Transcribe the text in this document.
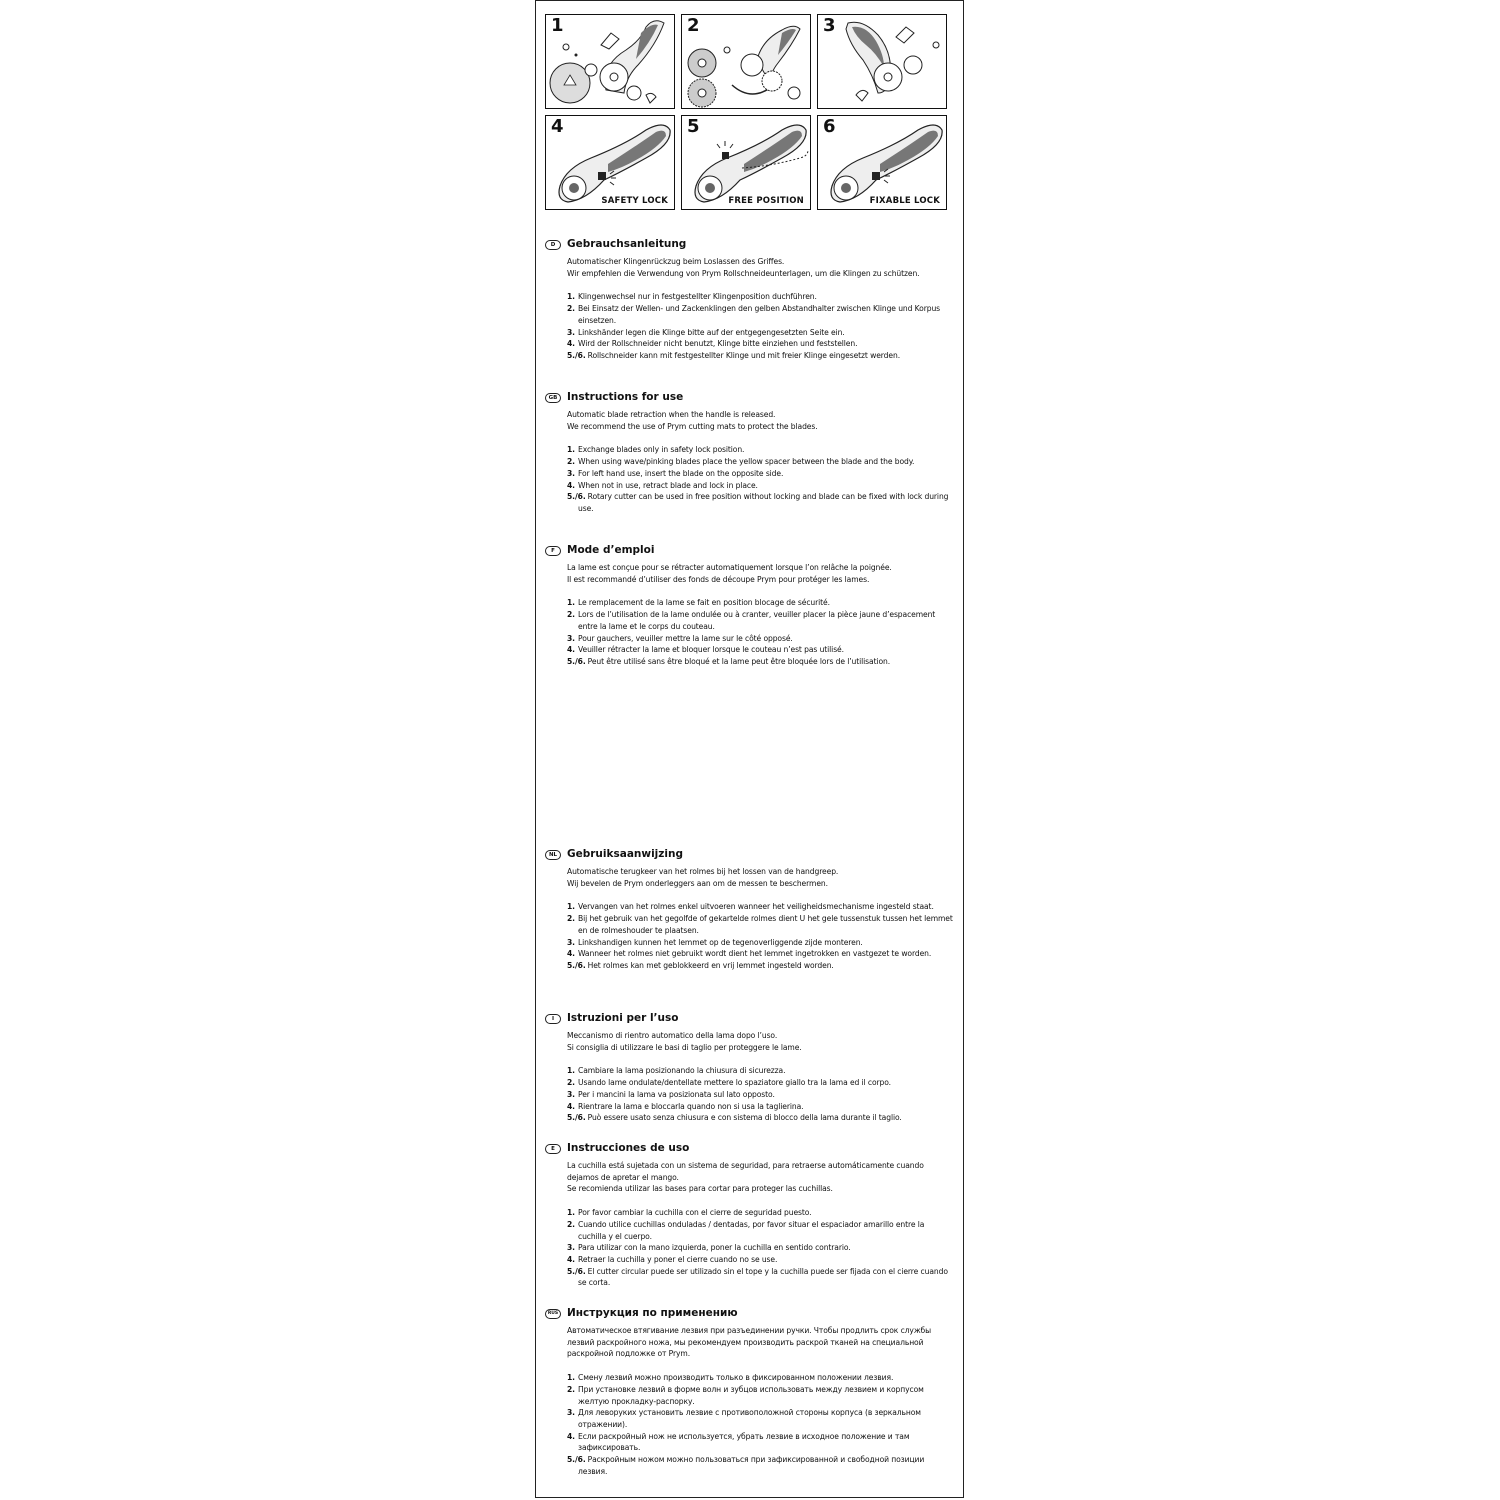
1	2	3
4
SAFETY LOCK
5
FREE POSITION
6
FIXABLE LOCK
D	Gebrauchsanleitung

Automatischer Klingenrückzug beim Loslassen des Griffes.
Wir empfehlen die Verwendung von Prym Rollschneideunterlagen, um die Klingen zu schützen.

1. Klingenwechsel nur in festgestellter Klingenposition duchführen.
2. Bei Einsatz der Wellen- und Zackenklingen den gelben Abstandhalter zwischen Klinge und Korpus einsetzen.
3. Linkshänder legen die Klinge bitte auf der entgegengesetzten Seite ein.
4. Wird der Rollschneider nicht benutzt, Klinge bitte einziehen und feststellen.
5./6. Rollschneider kann mit festgestellter Klinge und mit freier Klinge eingesetzt werden.
GB Instructions for use

Automatic blade retraction when the handle is released.
We recommend the use of Prym cutting mats to protect the blades.

1. Exchange blades only in safety lock position.
2. When using wave/pinking blades place the yellow spacer between the blade and the body.
3. For left hand use, insert the blade on the opposite side.
4. When not in use, retract blade and lock in place.
5./6. Rotary cutter can be used in free position without locking and blade can be fixed with lock during use.
F	Mode d’emploi

La lame est conçue pour se rétracter automatiquement lorsque l’on relâche la poignée.
Il est recommandé d’utiliser des fonds de découpe Prym pour protéger les lames.

1. Le remplacement de la lame se fait en position blocage de sécurité.
2. Lors de l’utilisation de la lame ondulée ou à cranter, veuiller placer la pièce jaune d’espacement entre la lame et le corps du couteau.
3. Pour gauchers, veuiller mettre la lame sur le côté opposé.
4. Veuiller rétracter la lame et bloquer lorsque le couteau n’est pas utilisé.
5./6. Peut être utilisé sans être bloqué et la lame peut être bloquée lors de l’utilisation.
NL Gebruiksaanwijzing

Automatische terugkeer van het rolmes bij het lossen van de handgreep.
Wij bevelen de Prym onderleggers aan om de messen te beschermen.

1. Vervangen van het rolmes enkel uitvoeren wanneer het veiligheidsmechanisme ingesteld staat.
2. Bij het gebruik van het gegolfde of gekartelde rolmes dient U het gele tussenstuk tussen het lemmet en de rolmeshouder te plaatsen.
3. Linkshandigen kunnen het lemmet op de tegenoverliggende zijde monteren.
4. Wanneer het rolmes niet gebruikt wordt dient het lemmet ingetrokken en vastgezet te worden.
5./6. Het rolmes kan met geblokkeerd en vrij lemmet ingesteld worden.
I	Istruzioni per l’uso

Meccanismo di rientro automatico della lama dopo l’uso.
Si consiglia di utilizzare le basi di taglio per proteggere le lame.

1. Cambiare la lama posizionando la chiusura di sicurezza.
2. Usando lame ondulate/dentellate mettere lo spaziatore giallo tra la lama ed il corpo.
3. Per i mancini la lama va posizionata sul lato opposto.
4. Rientrare la lama e bloccarla quando non si usa la taglierina.
5./6. Può essere usato senza chiusura e con sistema di blocco della lama durante il taglio.
E	Instrucciones de uso

La cuchilla está sujetada con un sistema de seguridad, para retraerse automáticamente cuando dejamos de apretar el mango.
Se recomienda utilizar las bases para cortar para proteger las cuchillas.

1. Por favor cambiar la cuchilla con el cierre de seguridad puesto.
2. Cuando utilice cuchillas onduladas / dentadas, por favor situar el espaciador amarillo entre la cuchilla y el cuerpo.
3. Para utilizar con la mano izquierda, poner la cuchilla en sentido contrario.
4. Retraer la cuchilla y poner el cierre cuando no se use.
5./6. El cutter circular puede ser utilizado sin el tope y la cuchilla puede ser fijada con el cierre cuando se corta.
RUS Инструкция по применению

Автоматическое втягивание лезвия при разъединении ручки. Чтобы продлить срок службы лезвий раскройного ножа, мы рекомендуем производить раскрой тканей на специальной раскройной подложке от Prym.

1. Смену лезвий можно производить только в фиксированном положении лезвия.
2. При установке лезвий в форме волн и зубцов использовать между лезвием и корпусом желтую прокладку-распорку.
3. Для леворуких установить лезвие с противоположной стороны корпуса (в зеркальном отражении).
4. Если раскройный нож не используется, убрать лезвие в исходное положение и там зафиксировать.
5./6. Раскройным ножом можно пользоваться при зафиксированной и свободной позиции лезвия.
